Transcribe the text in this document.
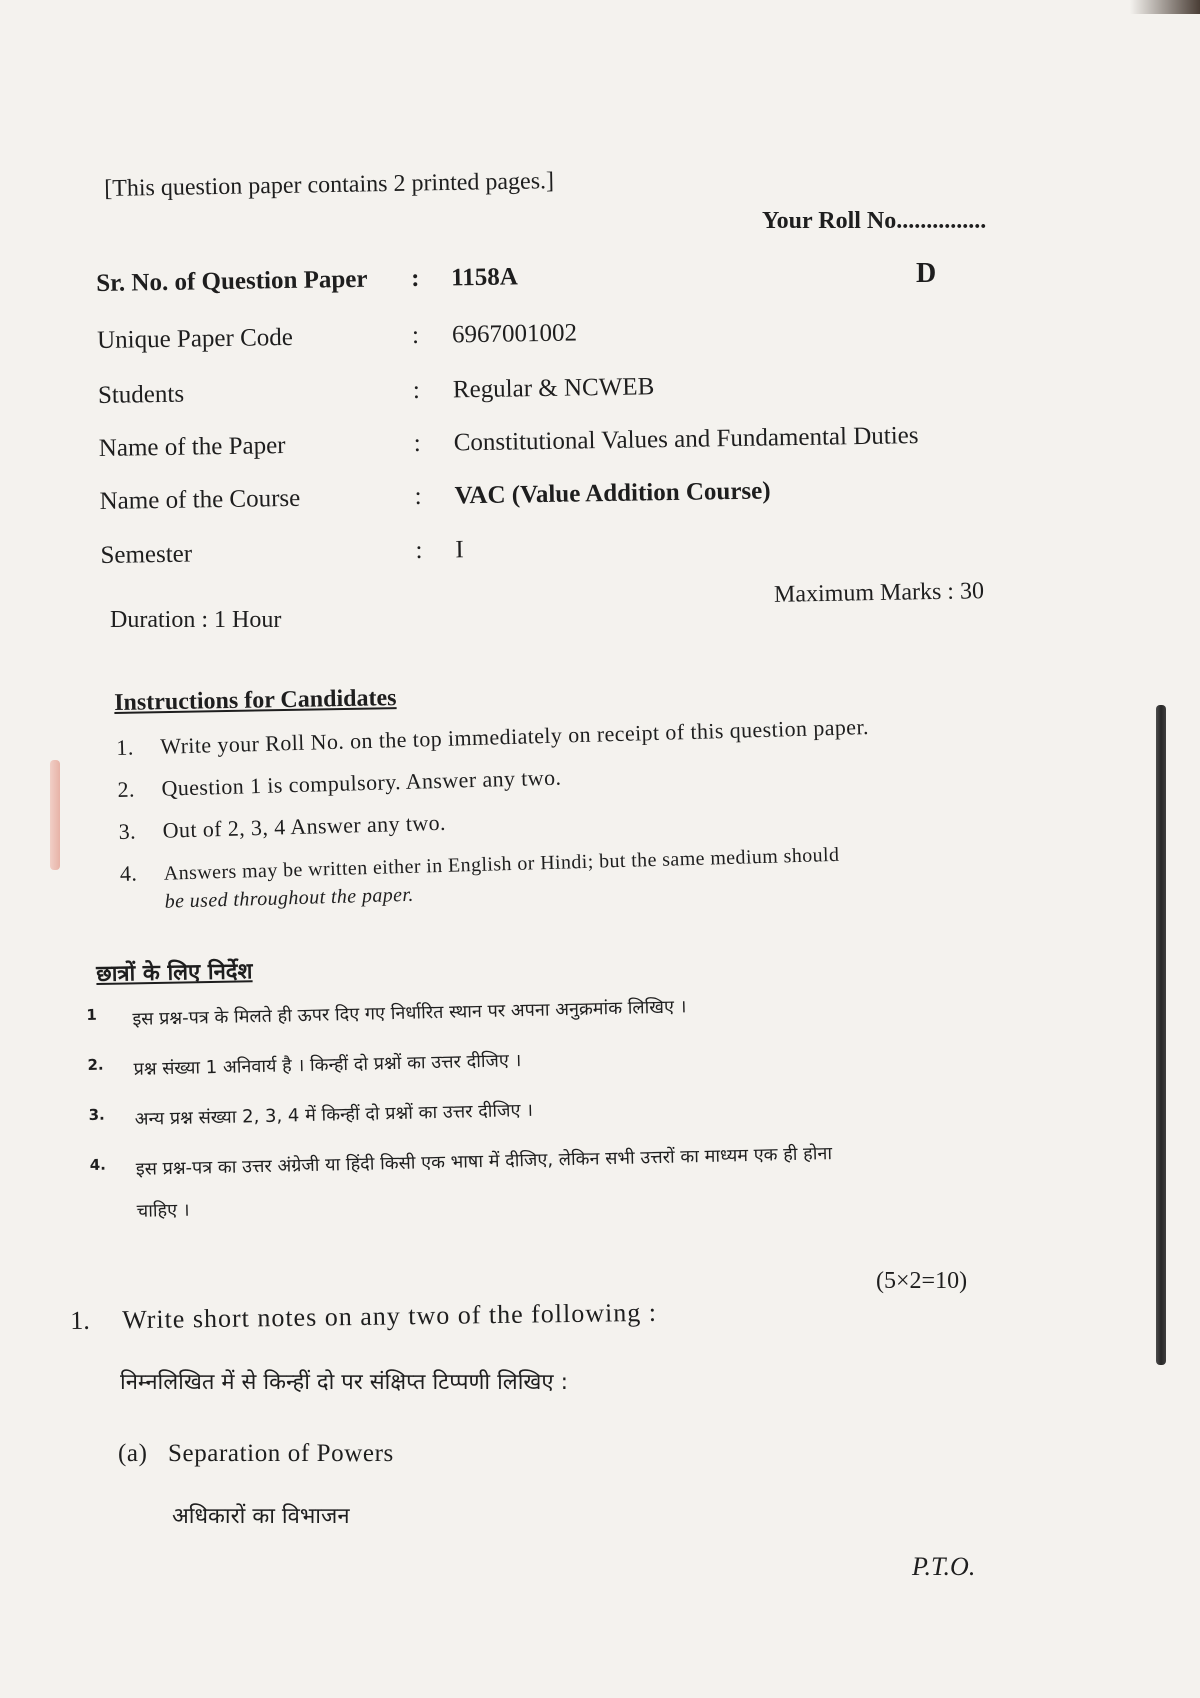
[This question paper contains 2 printed pages.]
Your Roll No...............
D
Sr. No. of Question Paper : 1158A
Unique Paper Code	: 6967001002
Students	: Regular & NCWEB
Name of the Paper	: Constitutional Values and Fundamental Duties
Name of the Course	: VAC (Value Addition Course)
Semester	: I
Maximum Marks : 30
Duration : 1 Hour
Instructions for Candidates
1. Write your Roll No. on the top immediately on receipt of this question paper.
2. Question 1 is compulsory. Answer any two.
3. Out of 2, 3, 4 Answer any two.
4. Answers may be written either in English or Hindi; but the same medium should
be used throughout the paper.
छात्रों के लिए निर्देश
1 इस प्रश्न-पत्र के मिलते ही ऊपर दिए गए निर्धारित स्थान पर अपना अनुक्रमांक लिखिए ।
2. प्रश्न संख्या 1 अनिवार्य है । किन्हीं दो प्रश्नों का उत्तर दीजिए ।
3. अन्य प्रश्न संख्या 2, 3, 4 में किन्हीं दो प्रश्नों का उत्तर दीजिए ।
4. इस प्रश्न-पत्र का उत्तर अंग्रेजी या हिंदी किसी एक भाषा में दीजिए, लेकिन सभी उत्तरों का माध्यम एक ही होना
चाहिए ।
(5×2=10)
1. Write short notes on any two of the following :
निम्नलिखित में से किन्हीं दो पर संक्षिप्त टिप्पणी लिखिए :
(a) Separation of Powers
अधिकारों का विभाजन
P.T.O.
